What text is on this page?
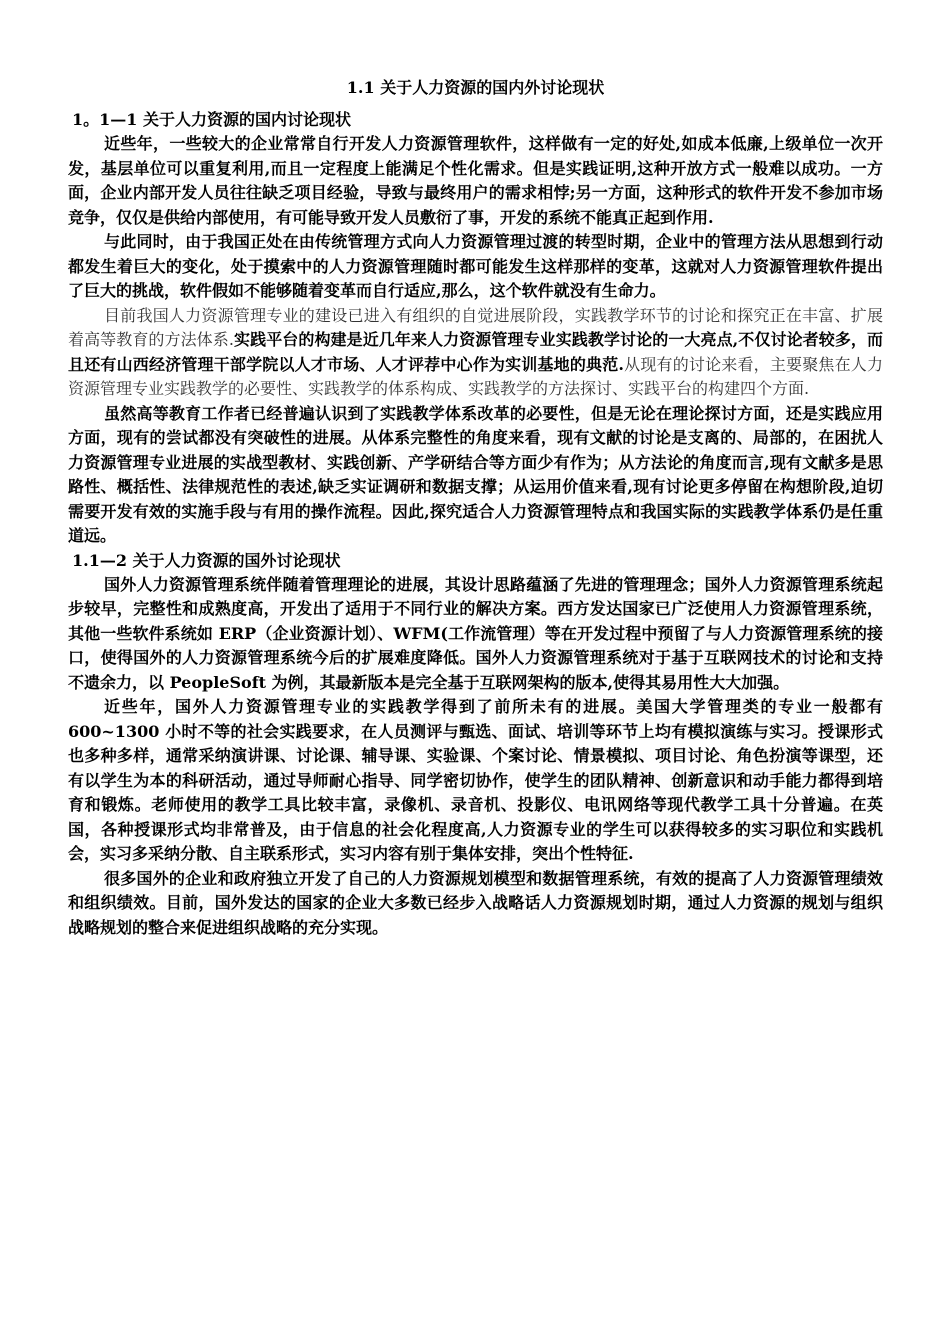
1.1 关于人力资源的国内外讨论现状
1。1—1 关于人力资源的国内讨论现状

近些年，一些较大的企业常常自行开发人力资源管理软件，这样做有一定的好处,如成本低廉,上级单位一次开发，基层单位可以重复利用,而且一定程度上能满足个性化需求。但是实践证明,这种开放方式一般难以成功。一方面，企业内部开发人员往往缺乏项目经验，导致与最终用户的需求相悖;另一方面，这种形式的软件开发不参加市场竞争，仅仅是供给内部使用，有可能导致开发人员敷衍了事，开发的系统不能真正起到作用.

与此同时，由于我国正处在由传统管理方式向人力资源管理过渡的转型时期，企业中的管理方法从思想到行动都发生着巨大的变化，处于摸索中的人力资源管理随时都可能发生这样那样的变革，这就对人力资源管理软件提出了巨大的挑战，软件假如不能够随着变革而自行适应,那么，这个软件就没有生命力。

目前我国人力资源管理专业的建设已进入有组织的自觉进展阶段，实践教学环节的讨论和探究正在丰富、扩展着高等教育的方法体系.实践平台的构建是近几年来人力资源管理专业实践教学讨论的一大亮点,不仅讨论者较多，而且还有山西经济管理干部学院以人才市场、人才评荐中心作为实训基地的典范.从现有的讨论来看，主要聚焦在人力资源管理专业实践教学的必要性、实践教学的体系构成、实践教学的方法探讨、实践平台的构建四个方面.

虽然高等教育工作者已经普遍认识到了实践教学体系改革的必要性，但是无论在理论探讨方面，还是实践应用方面，现有的尝试都没有突破性的进展。从体系完整性的角度来看，现有文献的讨论是支离的、局部的，在困扰人力资源管理专业进展的实战型教材、实践创新、产学研结合等方面少有作为；从方法论的角度而言,现有文献多是思路性、概括性、法律规范性的表述,缺乏实证调研和数据支撑；从运用价值来看,现有讨论更多停留在构想阶段,迫切需要开发有效的实施手段与有用的操作流程。因此,探究适合人力资源管理特点和我国实际的实践教学体系仍是任重道远。

1.1—2 关于人力资源的国外讨论现状

国外人力资源管理系统伴随着管理理论的进展，其设计思路蕴涵了先进的管理理念；国外人力资源管理系统起步较早，完整性和成熟度高，开发出了适用于不同行业的解决方案。西方发达国家已广泛使用人力资源管理系统，其他一些软件系统如 ERP（企业资源计划）、WFM(工作流管理）等在开发过程中预留了与人力资源管理系统的接口，使得国外的人力资源管理系统今后的扩展难度降低。国外人力资源管理系统对于基于互联网技术的讨论和支持不遗余力，以 PeopleSoft 为例，其最新版本是完全基于互联网架构的版本,使得其易用性大大加强。

近些年，国外人力资源管理专业的实践教学得到了前所未有的进展。美国大学管理类的专业一般都有 600~1300 小时不等的社会实践要求，在人员测评与甄选、面试、培训等环节上均有模拟演练与实习。授课形式也多种多样，通常采纳演讲课、讨论课、辅导课、实验课、个案讨论、情景模拟、项目讨论、角色扮演等课型，还有以学生为本的科研活动，通过导师耐心指导、同学密切协作，使学生的团队精神、创新意识和动手能力都得到培育和锻炼。老师使用的教学工具比较丰富，录像机、录音机、投影仪、电讯网络等现代教学工具十分普遍。在英国，各种授课形式均非常普及，由于信息的社会化程度高,人力资源专业的学生可以获得较多的实习职位和实践机会，实习多采纳分散、自主联系形式，实习内容有别于集体安排，突出个性特征.

很多国外的企业和政府独立开发了自己的人力资源规划模型和数据管理系统，有效的提高了人力资源管理绩效和组织绩效。目前，国外发达的国家的企业大多数已经步入战略话人力资源规划时期，通过人力资源的规划与组织战略规划的整合来促进组织战略的充分实现。
